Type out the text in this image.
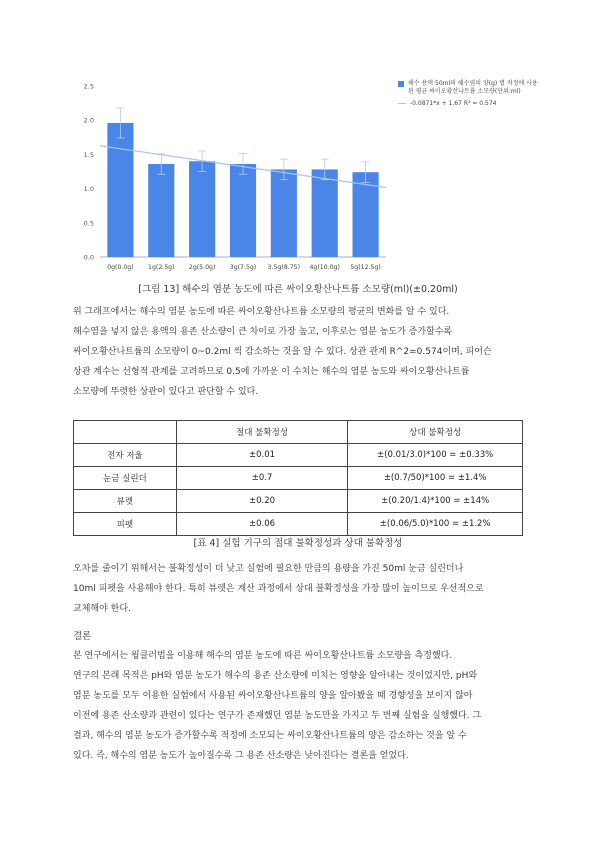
0.0
0.5
1.0
1.5
2.0
2.5
0g(0.0g) 1g(2.5g) 2g(5.0g) 3g(7.5g) 3.5g(8.75) 4g(10.0g) 5g(12.5g)
해수 용액 50ml의 해수염의 양(g) 별 적정에 사용된 평균 싸이오황산나트륨 소모량(단위:ml)
-0.0871*x + 1.67 R² = 0.574
[그림 13] 해수의 염분 농도에 따른 싸이오황산나트륨 소모량(ml)(±0.20ml)

위 그래프에서는 해수의 염분 농도에 따른 싸이오황산나트륨 소모량의 평균의 변화를 알 수 있다.

해수염을 넣지 않은 용액의 용존 산소량이 큰 차이로 가장 높고, 이후로는 염분 농도가 증가할수록

싸이오황산나트륨의 소모량이 0~0.2ml 씩 감소하는 것을 알 수 있다. 상관 관계 R^2=0.574이며, 피어슨

상관 계수는 선형적 관계를 고려하므로 0.5에 가까운 이 수치는 해수의 염분 농도와 싸이오황산나트륨

소모량에 뚜렷한 상관이 있다고 판단할 수 있다.

	절대 불확정성	상대 불확정성
전자 저울	±0.01	±(0.01/3.0)*100 = ±0.33%
눈금 실린더	±0.7	±(0.7/50)*100 = ±1.4%
뷰렛	±0.20	±(0.20/1.4)*100 = ±14%
피펫	±0.06	±(0.06/5.0)*100 = ±1.2%
[표 4] 실험 기구의 절대 불확정성과 상대 불확정성

오차를 줄이기 위해서는 불확정성이 더 낮고 실험에 필요한 만큼의 용량을 가진 50ml 눈금 실린더나

10ml 피펫을 사용해야 한다. 특히 뷰렛은 계산 과정에서 상대 불확정성을 가장 많이 높이므로 우선적으로

교체해야 한다.

결론

본 연구에서는 윙클러법을 이용해 해수의 염분 농도에 따른 싸이오황산나트륨 소모량을 측정했다.

연구의 본래 목적은 pH와 염분 농도가 해수의 용존 산소량에 미치는 영향을 알아내는 것이었지만, pH와

염분 농도를 모두 이용한 실험에서 사용된 싸이오황산나트륨의 양을 알아봤을 때 경향성을 보이지 않아

이전에 용존 산소량과 관련이 있다는 연구가 존재했던 염분 농도만을 가지고 두 번째 실험을 실행했다. 그

결과, 해수의 염분 농도가 증가할수록 적정에 소모되는 싸이오황산나트륨의 양은 감소하는 것을 알 수

있다. 즉, 해수의 염분 농도가 높아질수록 그 용존 산소량은 낮아진다는 결론을 얻었다.
